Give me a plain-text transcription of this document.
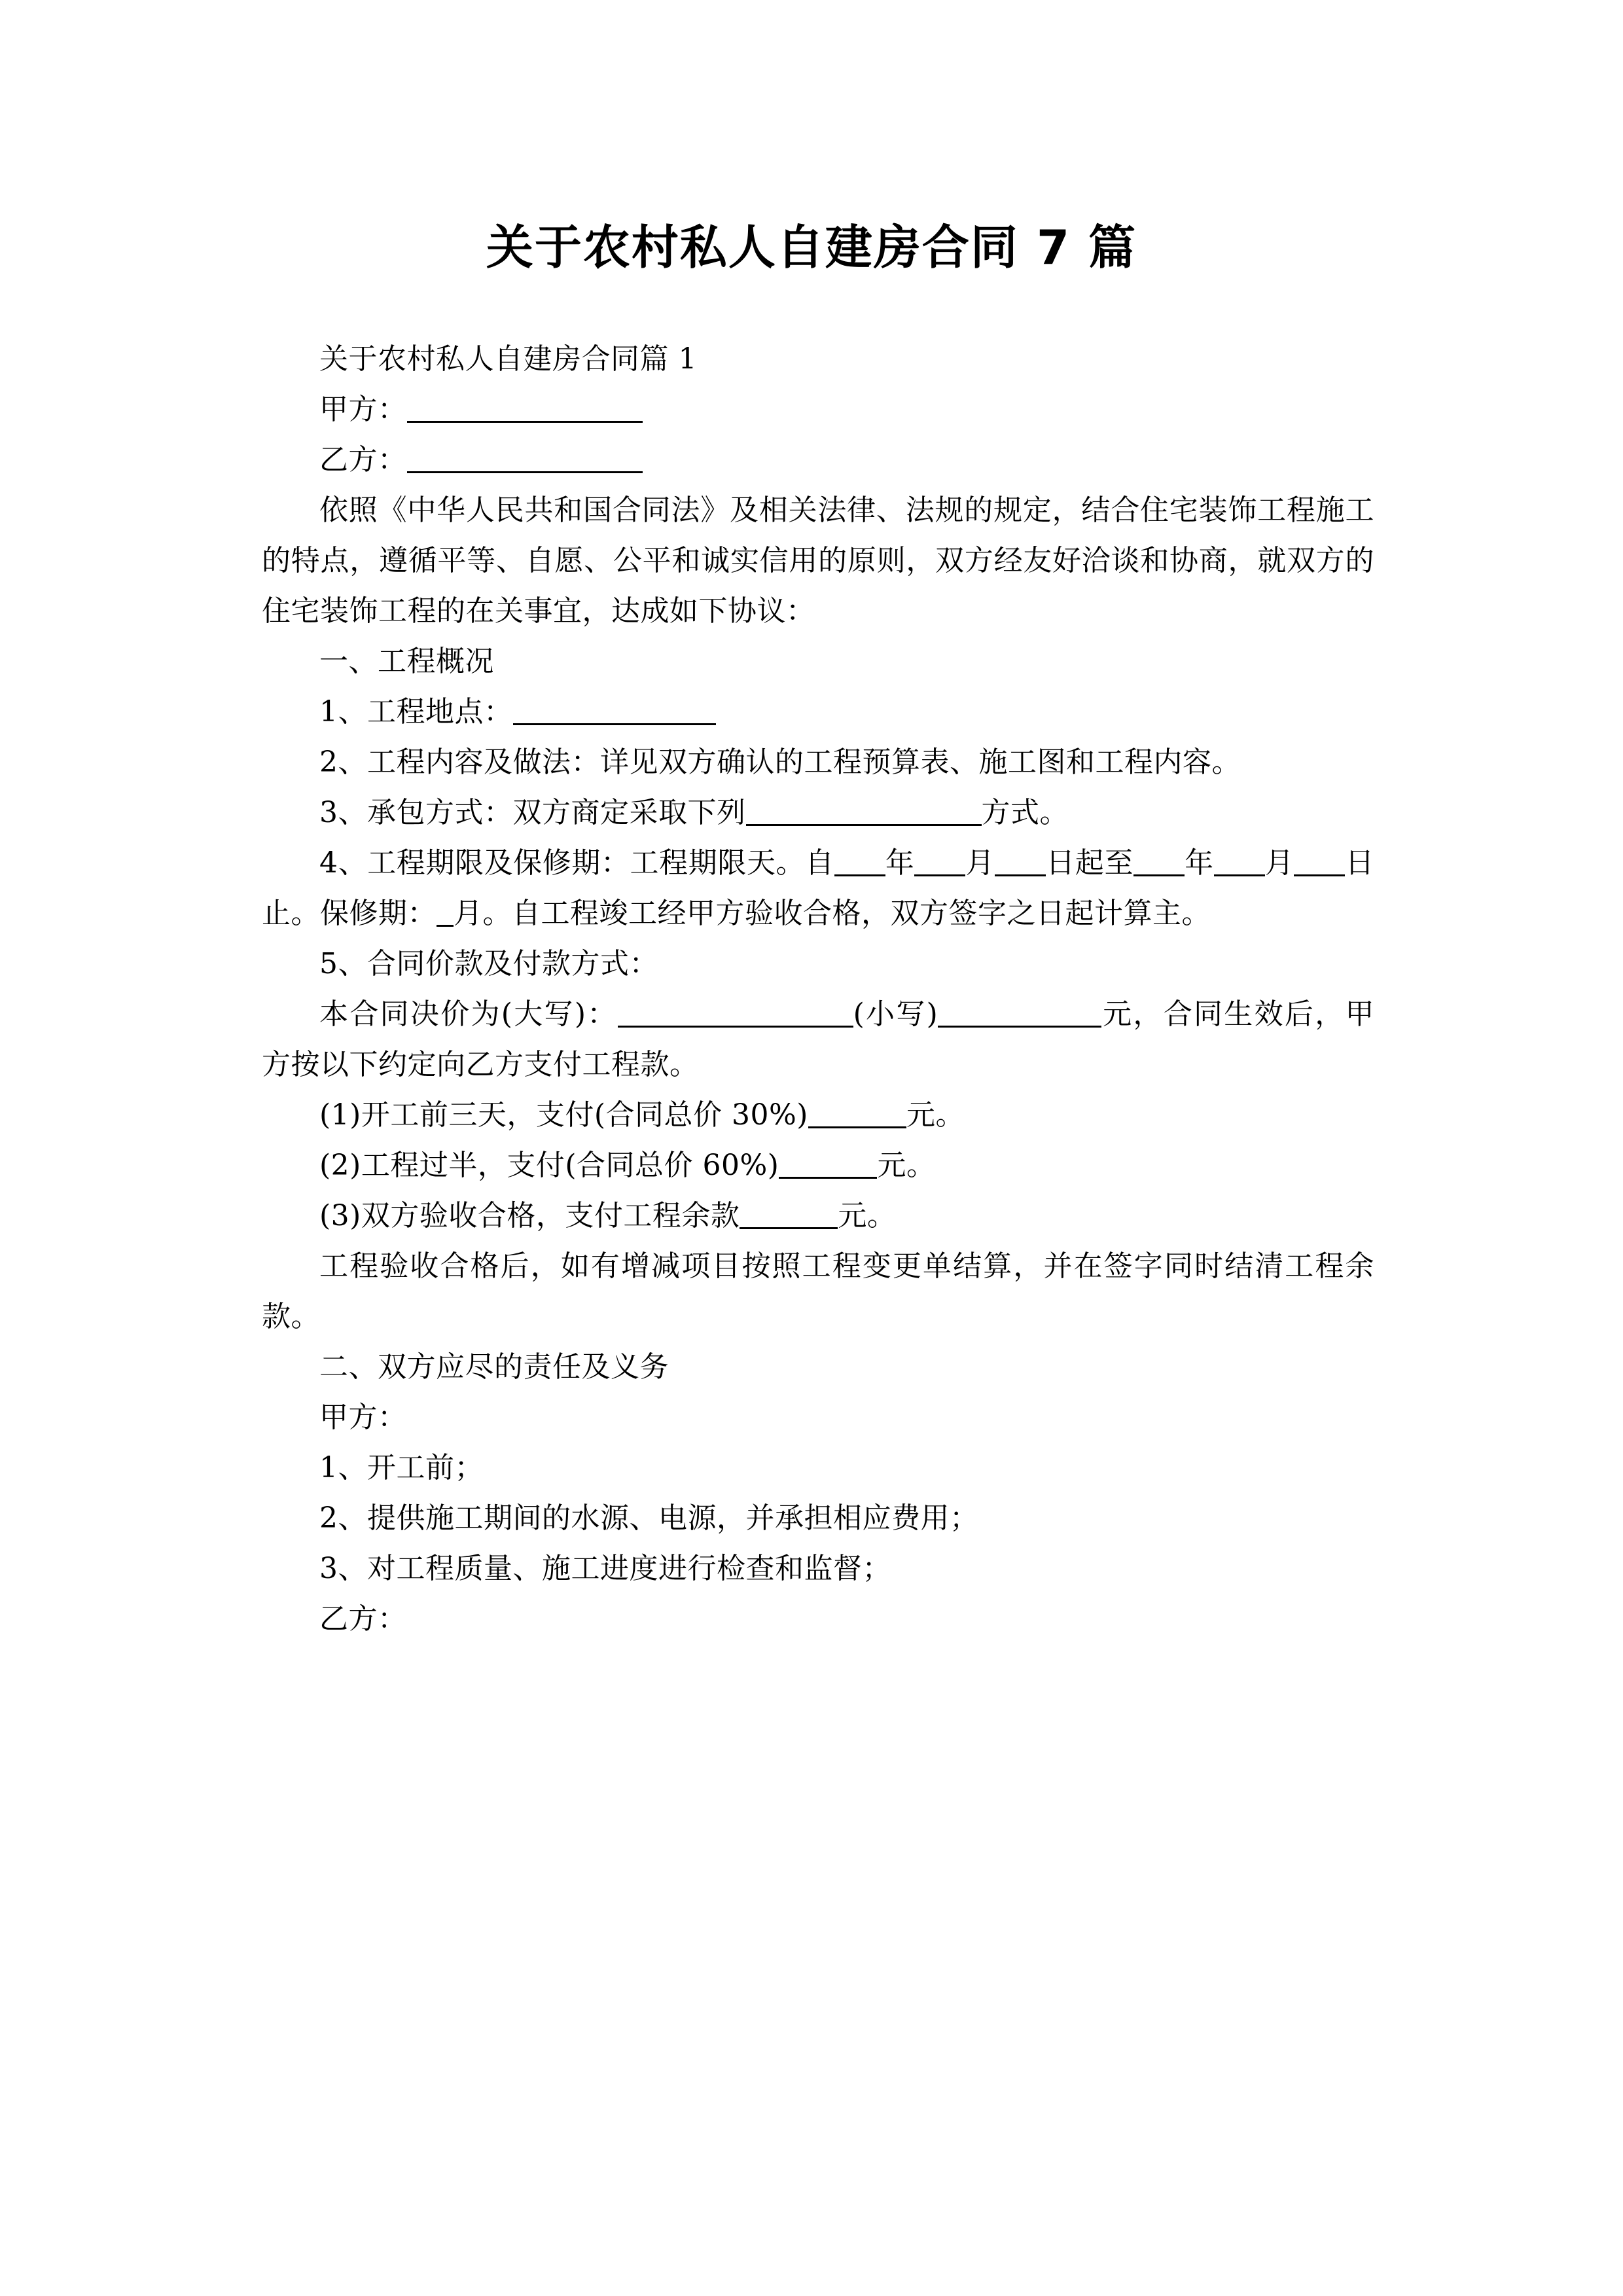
关于农村私人自建房合同 7 篇

关于农村私人自建房合同篇 1

甲方：

乙方：

依照《中华人民共和国合同法》及相关法律、法规的规定，结合住宅装饰工程施工的特点，遵循平等、自愿、公平和诚实信用的原则，双方经友好洽谈和协商，就双方的住宅装饰工程的在关事宜，达成如下协议：

一、工程概况

1、工程地点：

2、工程内容及做法：详见双方确认的工程预算表、施工图和工程内容。

3、承包方式：双方商定采取下列	方式。

4、工程期限及保修期：工程期限天。自 年 月 日起至 年 月 日止。保修期： 月。自工程竣工经甲方验收合格，双方签字之日起计算主。

5、合同价款及付款方式：

本合同决价为(大写)：	(小写)	元，合同生效后，甲方按以下约定向乙方支付工程款。

(1)开工前三天，支付(合同总价 30%)	元。

(2)工程过半，支付(合同总价 60%)	元。

(3)双方验收合格，支付工程余款	元。

工程验收合格后，如有增减项目按照工程变更单结算，并在签字同时结清工程余款。

二、双方应尽的责任及义务

甲方：

1、开工前；

2、提供施工期间的水源、电源，并承担相应费用；

3、对工程质量、施工进度进行检查和监督；

乙方：
